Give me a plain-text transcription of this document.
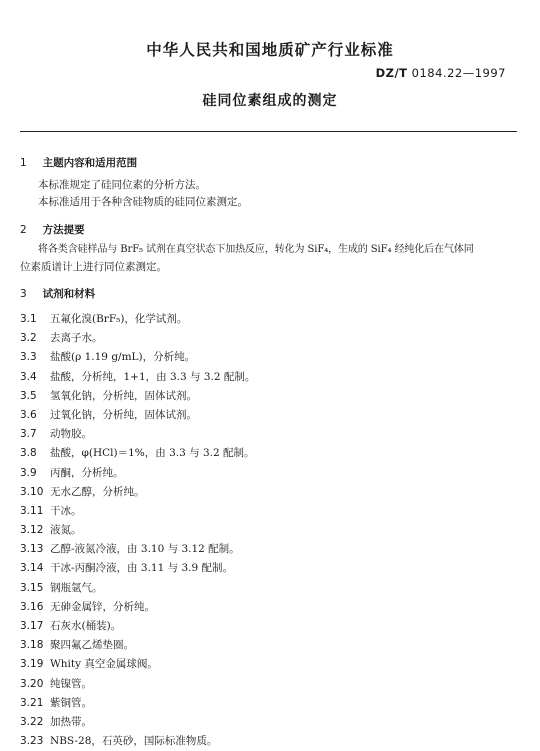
中华人民共和国地质矿产行业标准
DZ/T 0184.22—1997
硅同位素组成的测定
1 主题内容和适用范围
本标准规定了硅同位素的分析方法。
本标准适用于各种含硅物质的硅同位素测定。
2 方法提要
将各类含硅样品与 BrF₅ 试剂在真空状态下加热反应，转化为 SiF₄，生成的 SiF₄ 经纯化后在气体同
位素质谱计上进行同位素测定。
3 试剂和材料
3.1	五氟化溴(BrF₅)，化学试剂。
3.2	去离子水。
3.3	盐酸(ρ 1.19 g/mL)，分析纯。
3.4	盐酸，分析纯，1+1，由 3.3 与 3.2 配制。
3.5	氢氧化钠，分析纯，固体试剂。
3.6	过氧化钠，分析纯，固体试剂。
3.7	动物胶。
3.8	盐酸，φ(HCl)＝1%，由 3.3 与 3.2 配制。
3.9	丙酮，分析纯。
3.10 无水乙醇，分析纯。
3.11 干冰。
3.12 液氮。
3.13 乙醇-液氮冷液，由 3.10 与 3.12 配制。
3.14 干冰-丙酮冷液，由 3.11 与 3.9 配制。
3.15 钢瓶氩气。
3.16 无砷金属锌，分析纯。
3.17 石灰水(桶装)。
3.18 聚四氟乙烯垫圈。
3.19 Whity 真空金属球阀。
3.20 纯镍管。
3.21 紫铜管。
3.22 加热带。
3.23 NBS-28，石英砂，国际标准物质。
